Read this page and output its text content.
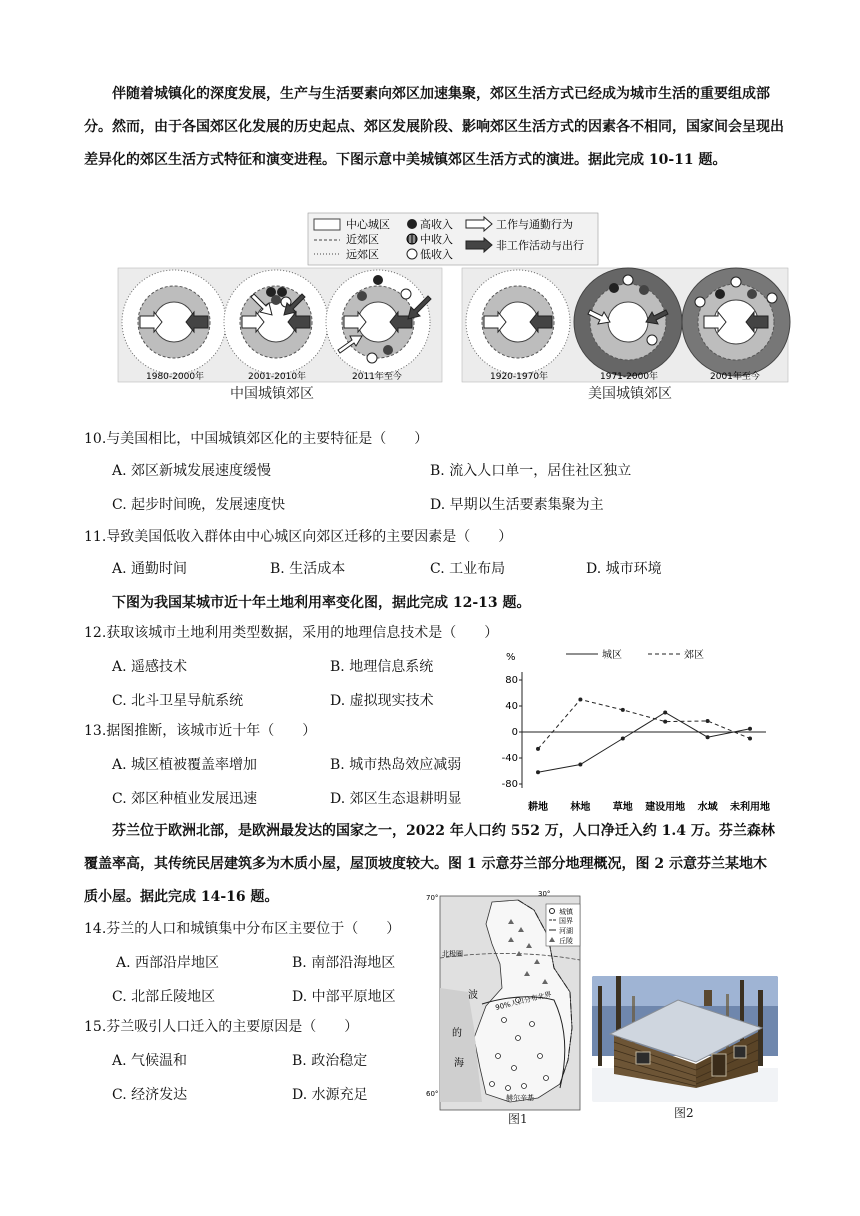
伴随着城镇化的深度发展，生产与生活要素向郊区加速集聚，郊区生活方式已经成为城市生活的重要组成部分。然而，由于各国郊区化发展的历史起点、郊区发展阶段、影响郊区生活方式的因素各不相同，国家间会呈现出差异化的郊区生活方式特征和演变进程。下图示意中美城镇郊区生活方式的演进。据此完成 10-11 题。
中心城区
近郊区
远郊区
高收入
中收入
低收入
工作与通勤行为
非工作活动与出行
1980-2000年	2001-2010年	2011年至今	1920-1970年	1971-2000年	2001年至今
中国城镇郊区	美国城镇郊区
10.与美国相比，中国城镇郊区化的主要特征是（　　）
A. 郊区新城发展速度缓慢	B. 流入人口单一，居住社区独立
C. 起步时间晚，发展速度快	D. 早期以生活要素集聚为主
11.导致美国低收入群体由中心城区向郊区迁移的主要因素是（　　）
A. 通勤时间	B. 生活成本	C. 工业布局	D. 城市环境
下图为我国某城市近十年土地利用率变化图，据此完成 12-13 题。
12.获取该城市土地利用类型数据，采用的地理信息技术是（　　）
A. 遥感技术	B. 地理信息系统
C. 北斗卫星导航系统	D. 虚拟现实技术
13.据图推断，该城市近十年（　　）
A. 城区植被覆盖率增加	B. 城市热岛效应减弱
C. 郊区种植业发展迅速	D. 郊区生态退耕明显
%	城区	郊区
80
40
0
-40
-80
耕地 林地 草地 建设用地 水域 未利用地
芬兰位于欧洲北部，是欧洲最发达的国家之一，2022 年人口约 552 万，人口净迁入约 1.4 万。芬兰森林覆盖率高，其传统民居建筑多为木质小屋，屋顶坡度较大。图 1 示意芬兰部分地理概况，图 2 示意芬兰某地木质小屋。据此完成 14-16 题。
14.芬兰的人口和城镇集中分布区主要位于（　　）
A. 西部沿岸地区	B. 南部沿海地区
C. 北部丘陵地区	D. 中部平原地区
15.芬兰吸引人口迁入的主要原因是（　　）
A. 气候温和	B. 政治稳定
C. 经济发达	D. 水源充足
城镇
国界
河湖
丘陵
70°	30°
60°
北极圈
波
的
海
90%人口分布北界
赫尔辛基
图1	图2
